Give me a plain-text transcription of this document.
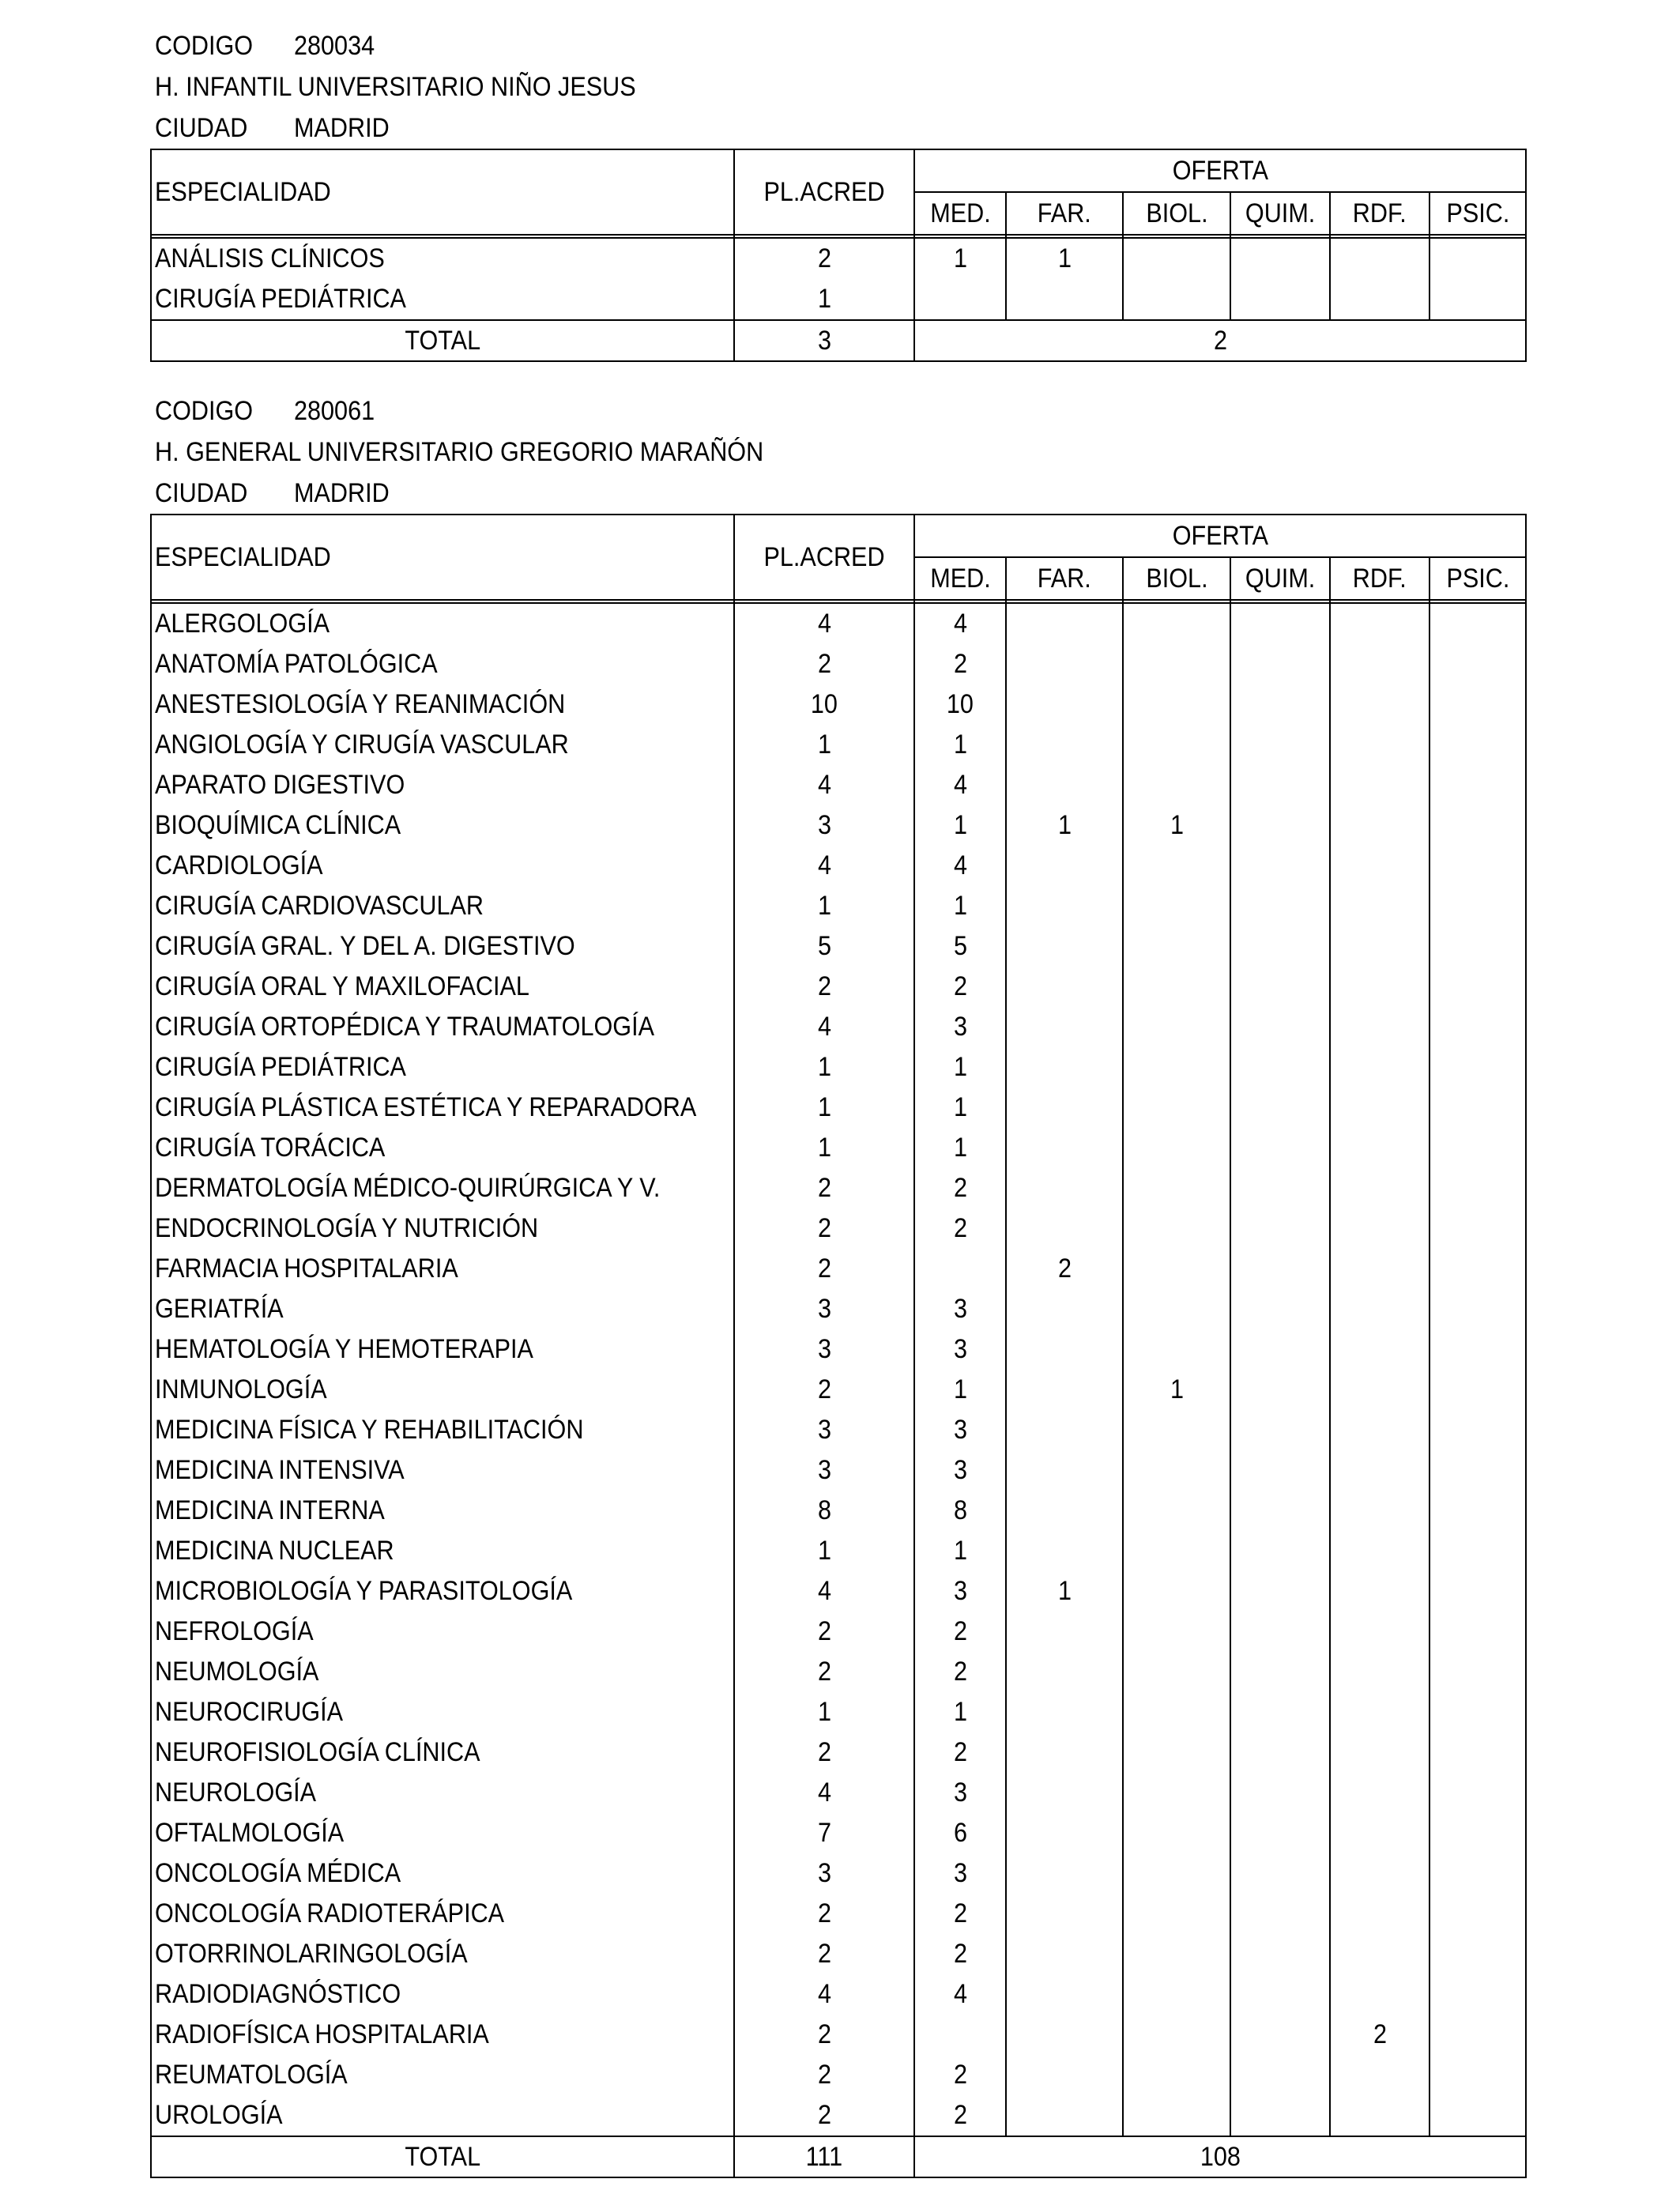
CODIGO 280034
H. INFANTIL UNIVERSITARIO NIÑO JESUS
CIUDAD MADRID
ESPECIALIDAD	PL.ACRED	OFERTA					
		MED.	FAR.	BIOL.	QUIM.	RDF.	PSIC.

ANÁLISIS CLÍNICOS	2	1	1				
CIRUGÍA PEDIÁTRICA	1						
TOTAL	3	2					
CODIGO 280061
H. GENERAL UNIVERSITARIO GREGORIO MARAÑÓN
CIUDAD MADRID
ESPECIALIDAD	PL.ACRED	OFERTA					
		MED.	FAR.	BIOL.	QUIM.	RDF.	PSIC.

ALERGOLOGÍA	4	4					
ANATOMÍA PATOLÓGICA	2	2					
ANESTESIOLOGÍA Y REANIMACIÓN	10	10					
ANGIOLOGÍA Y CIRUGÍA VASCULAR	1	1					
APARATO DIGESTIVO	4	4					
BIOQUÍMICA CLÍNICA	3	1	1	1			
CARDIOLOGÍA	4	4					
CIRUGÍA CARDIOVASCULAR	1	1					
CIRUGÍA GRAL. Y DEL A. DIGESTIVO	5	5					
CIRUGÍA ORAL Y MAXILOFACIAL	2	2					
CIRUGÍA ORTOPÉDICA Y TRAUMATOLOGÍA	4	3					
CIRUGÍA PEDIÁTRICA	1	1					
CIRUGÍA PLÁSTICA ESTÉTICA Y REPARADORA	1	1					
CIRUGÍA TORÁCICA	1	1					
DERMATOLOGÍA MÉDICO-QUIRÚRGICA Y V.	2	2					
ENDOCRINOLOGÍA Y NUTRICIÓN	2	2					
FARMACIA HOSPITALARIA	2		2				
GERIATRÍA	3	3					
HEMATOLOGÍA Y HEMOTERAPIA	3	3					
INMUNOLOGÍA	2	1		1			
MEDICINA FÍSICA Y REHABILITACIÓN	3	3					
MEDICINA INTENSIVA	3	3					
MEDICINA INTERNA	8	8					
MEDICINA NUCLEAR	1	1					
MICROBIOLOGÍA Y PARASITOLOGÍA	4	3	1				
NEFROLOGÍA	2	2					
NEUMOLOGÍA	2	2					
NEUROCIRUGÍA	1	1					
NEUROFISIOLOGÍA CLÍNICA	2	2					
NEUROLOGÍA	4	3					
OFTALMOLOGÍA	7	6					
ONCOLOGÍA MÉDICA	3	3					
ONCOLOGÍA RADIOTERÁPICA	2	2					
OTORRINOLARINGOLOGÍA	2	2					
RADIODIAGNÓSTICO	4	4					
RADIOFÍSICA HOSPITALARIA	2					2	
REUMATOLOGÍA	2	2					
UROLOGÍA	2	2					
TOTAL	111	108					
